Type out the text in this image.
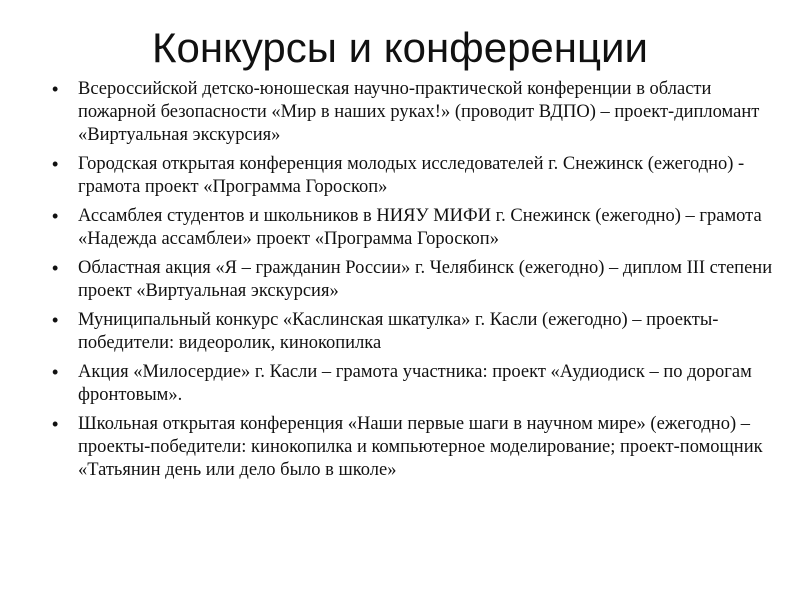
Конкурсы и конференции
• Всероссийской детско-юношеская научно-практической конференции в области пожарной безопасности «Мир в наших руках!» (проводит ВДПО) – проект-дипломант «Виртуальная экскурсия»
• Городская открытая конференция молодых исследователей г. Снежинск (ежегодно) - грамота проект «Программа Гороскоп»
• Ассамблея студентов и школьников в НИЯУ МИФИ г. Снежинск (ежегодно) – грамота «Надежда ассамблеи» проект «Программа Гороскоп»
• Областная акция «Я – гражданин России» г. Челябинск (ежегодно) – диплом III степени проект «Виртуальная экскурсия»
• Муниципальный конкурс «Каслинская шкатулка» г. Касли (ежегодно) – проекты-победители: видеоролик, кинокопилка
• Акция «Милосердие» г. Касли – грамота участника: проект «Аудиодиск – по дорогам фронтовым».
• Школьная открытая конференция «Наши первые шаги в научном мире» (ежегодно) – проекты-победители: кинокопилка и компьютерное моделирование; проект-помощник «Татьянин день или дело было в школе»
